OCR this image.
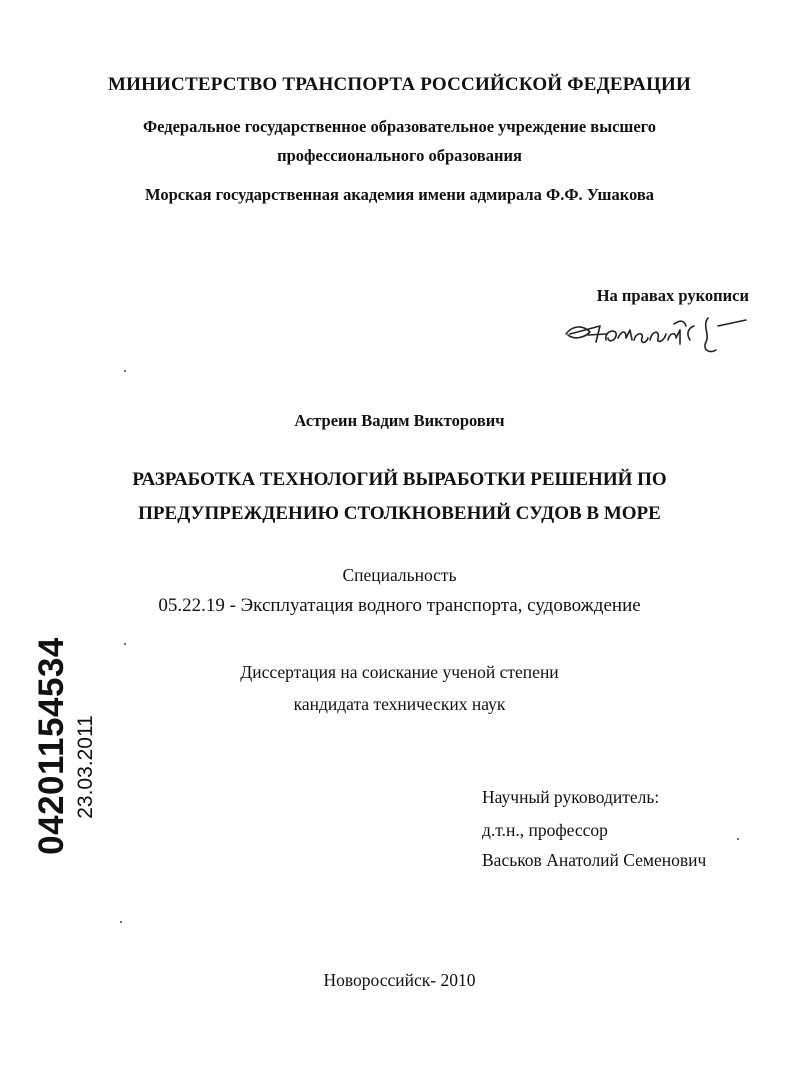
МИНИСТЕРСТВО ТРАНСПОРТА РОССИЙСКОЙ ФЕДЕРАЦИИ
Федеральное государственное образовательное учреждение высшего
профессионального образования
Морская государственная академия имени адмирала Ф.Ф. Ушакова
На правах рукописи
Астреин Вадим Викторович
РАЗРАБОТКА ТЕХНОЛОГИЙ ВЫРАБОТКИ РЕШЕНИЙ ПО
ПРЕДУПРЕЖДЕНИЮ СТОЛКНОВЕНИЙ СУДОВ В МОРЕ
Специальность
05.22.19 - Эксплуатация водного транспорта, судовождение
Диссертация на соискание ученой степени
кандидата технических наук
Научный руководитель:
д.т.н., профессор
Васьков Анатолий Семенович
Новороссийск- 2010
04201154534 23.03.2011
